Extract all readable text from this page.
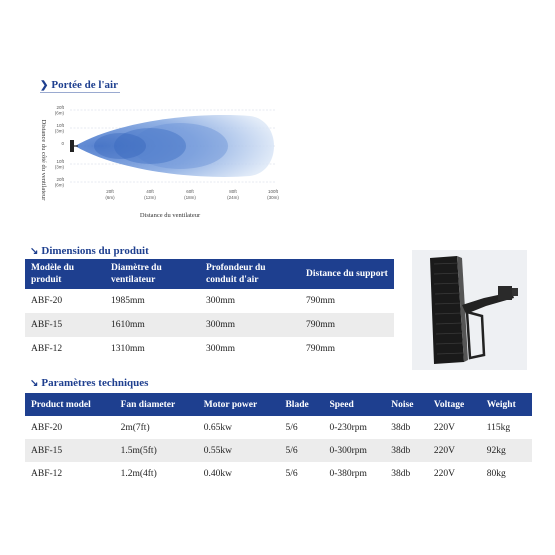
❯ Portée de l'air
Distance du côté du ventilateur
20ft
(6m)
10ft
(3m)
0
10ft
(3m)
20ft
(6m)
20ft
(6m)
40ft
(12m)
60ft
(18m)
80ft
(24m)
100ft
(30m)
Distance du ventilateur
↘ Dimensions du produit
Modèle du produit	Diamètre du ventilateur	Profondeur du conduit d'air	Distance du support
ABF-20	1985mm	300mm	790mm
ABF-15	1610mm	300mm	790mm
ABF-12	1310mm	300mm	790mm
↘ Paramètres techniques
Product model	Fan diameter	Motor power	Blade	Speed	Noise	Voltage	Weight
ABF-20	2m(7ft)	0.65kw	5/6	0-230rpm	38db	220V	115kg
ABF-15	1.5m(5ft)	0.55kw	5/6	0-300rpm	38db	220V	92kg
ABF-12	1.2m(4ft)	0.40kw	5/6	0-380rpm	38db	220V	80kg
